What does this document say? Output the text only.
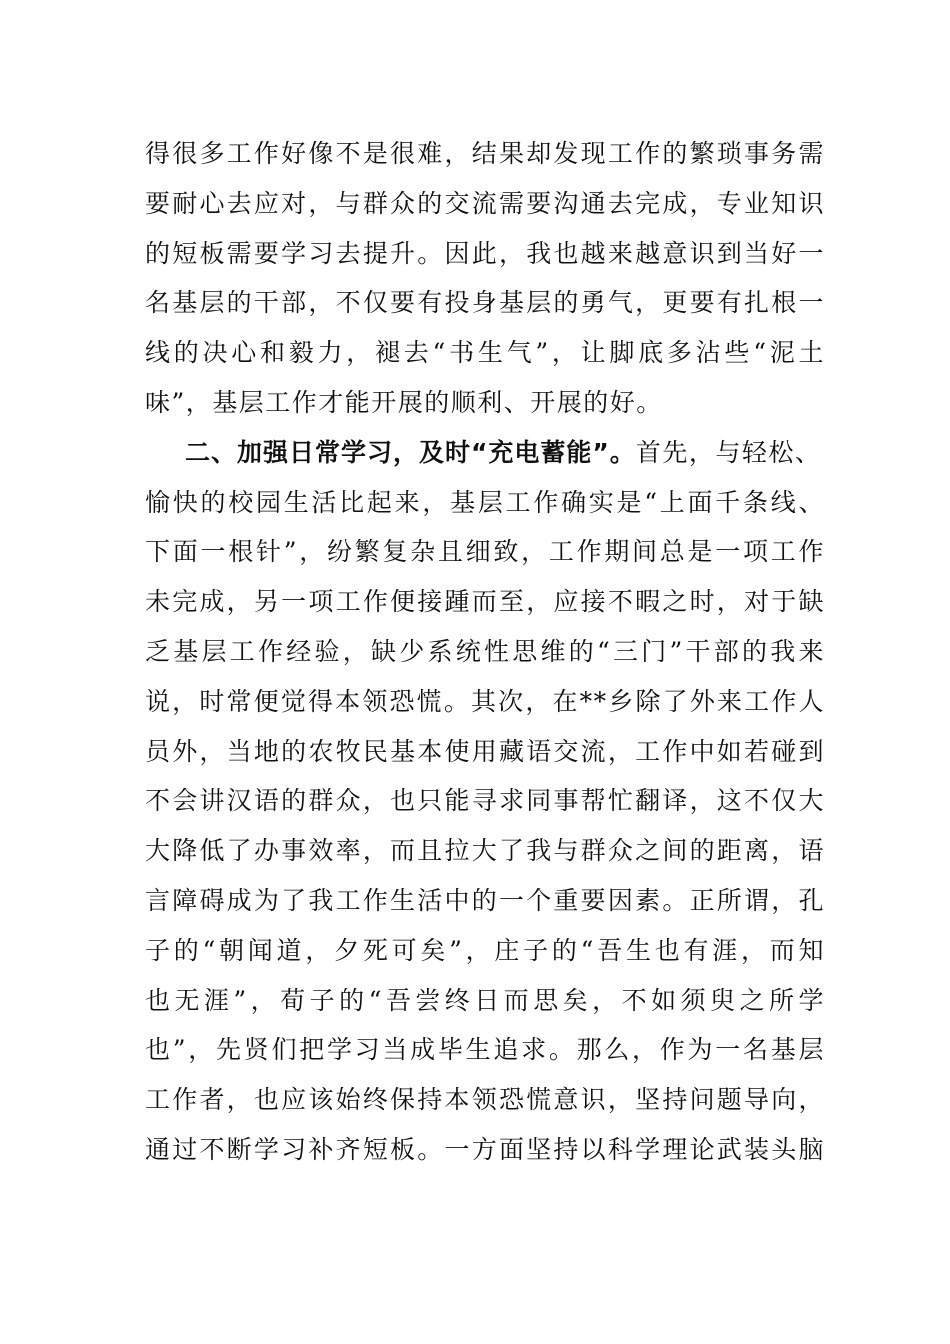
得很多工作好像不是很难，结果却发现工作的繁琐事务需
要耐心去应对，与群众的交流需要沟通去完成，专业知识
的短板需要学习去提升。因此，我也越来越意识到当好一
名基层的干部，不仅要有投身基层的勇气，更要有扎根一
线的决心和毅力，褪去“书生气”，让脚底多沾些“泥土
味”，基层工作才能开展的顺利、开展的好。
二、加强日常学习，及时“充电蓄能”。首先，与轻松、
愉快的校园生活比起来，基层工作确实是“上面千条线、
下面一根针”，纷繁复杂且细致，工作期间总是一项工作
未完成，另一项工作便接踵而至，应接不暇之时，对于缺
乏基层工作经验，缺少系统性思维的“三门”干部的我来
说，时常便觉得本领恐慌。其次，在**乡除了外来工作人
员外，当地的农牧民基本使用藏语交流，工作中如若碰到
不会讲汉语的群众，也只能寻求同事帮忙翻译，这不仅大
大降低了办事效率，而且拉大了我与群众之间的距离，语
言障碍成为了我工作生活中的一个重要因素。正所谓，孔
子的“朝闻道，夕死可矣”，庄子的“吾生也有涯，而知
也无涯”，荀子的“吾尝终日而思矣，不如须臾之所学
也”，先贤们把学习当成毕生追求。那么，作为一名基层
工作者，也应该始终保持本领恐慌意识，坚持问题导向，
通过不断学习补齐短板。一方面坚持以科学理论武装头脑
